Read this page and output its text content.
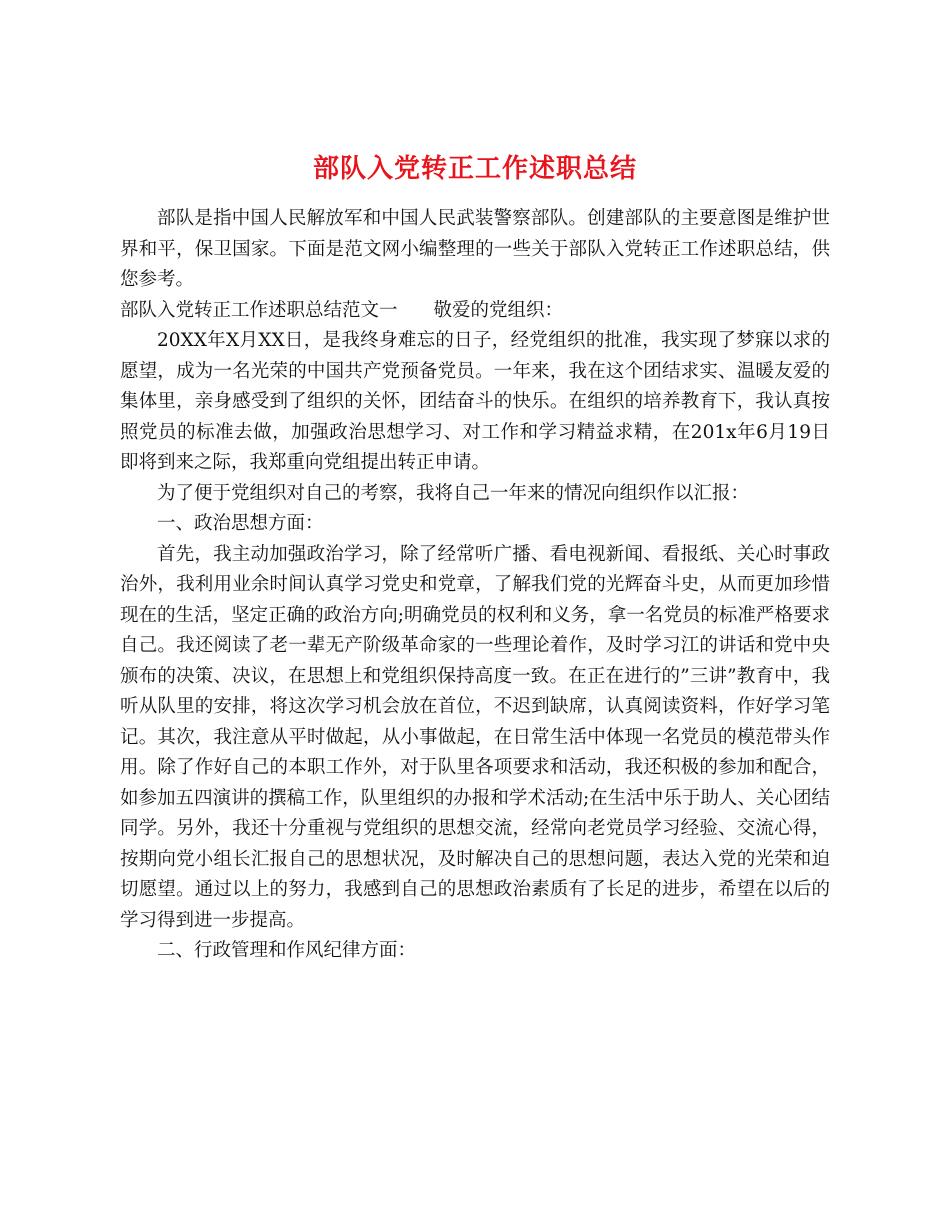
部队入党转正工作述职总结

部队是指中国人民解放军和中国人民武装警察部队。创建部队的主要意图是维护世界和平，保卫国家。下面是范文网小编整理的一些关于部队入党转正工作述职总结，供您参考。

部队入党转正工作述职总结范文一 敬爱的党组织：

20XX年X月XX日，是我终身难忘的日子，经党组织的批准，我实现了梦寐以求的愿望，成为一名光荣的中国共产党预备党员。一年来，我在这个团结求实、温暖友爱的集体里，亲身感受到了组织的关怀，团结奋斗的快乐。在组织的培养教育下，我认真按照党员的标准去做，加强政治思想学习、对工作和学习精益求精，在201x年6月19日即将到来之际，我郑重向党组提出转正申请。

为了便于党组织对自己的考察，我将自己一年来的情况向组织作以汇报：

一、政治思想方面：

首先，我主动加强政治学习，除了经常听广播、看电视新闻、看报纸、关心时事政治外，我利用业余时间认真学习党史和党章，了解我们党的光辉奋斗史，从而更加珍惜现在的生活，坚定正确的政治方向;明确党员的权利和义务，拿一名党员的标准严格要求自己。我还阅读了老一辈无产阶级革命家的一些理论着作，及时学习江的讲话和党中央颁布的决策、决议，在思想上和党组织保持高度一致。在正在进行的”三讲”教育中，我听从队里的安排，将这次学习机会放在首位，不迟到缺席，认真阅读资料，作好学习笔记。其次，我注意从平时做起，从小事做起，在日常生活中体现一名党员的模范带头作用。除了作好自己的本职工作外，对于队里各项要求和活动，我还积极的参加和配合，如参加五四演讲的撰稿工作，队里组织的办报和学术活动;在生活中乐于助人、关心团结同学。另外，我还十分重视与党组织的思想交流，经常向老党员学习经验、交流心得，按期向党小组长汇报自己的思想状况，及时解决自己的思想问题，表达入党的光荣和迫切愿望。通过以上的努力，我感到自己的思想政治素质有了长足的进步，希望在以后的学习得到进一步提高。

二、行政管理和作风纪律方面：
